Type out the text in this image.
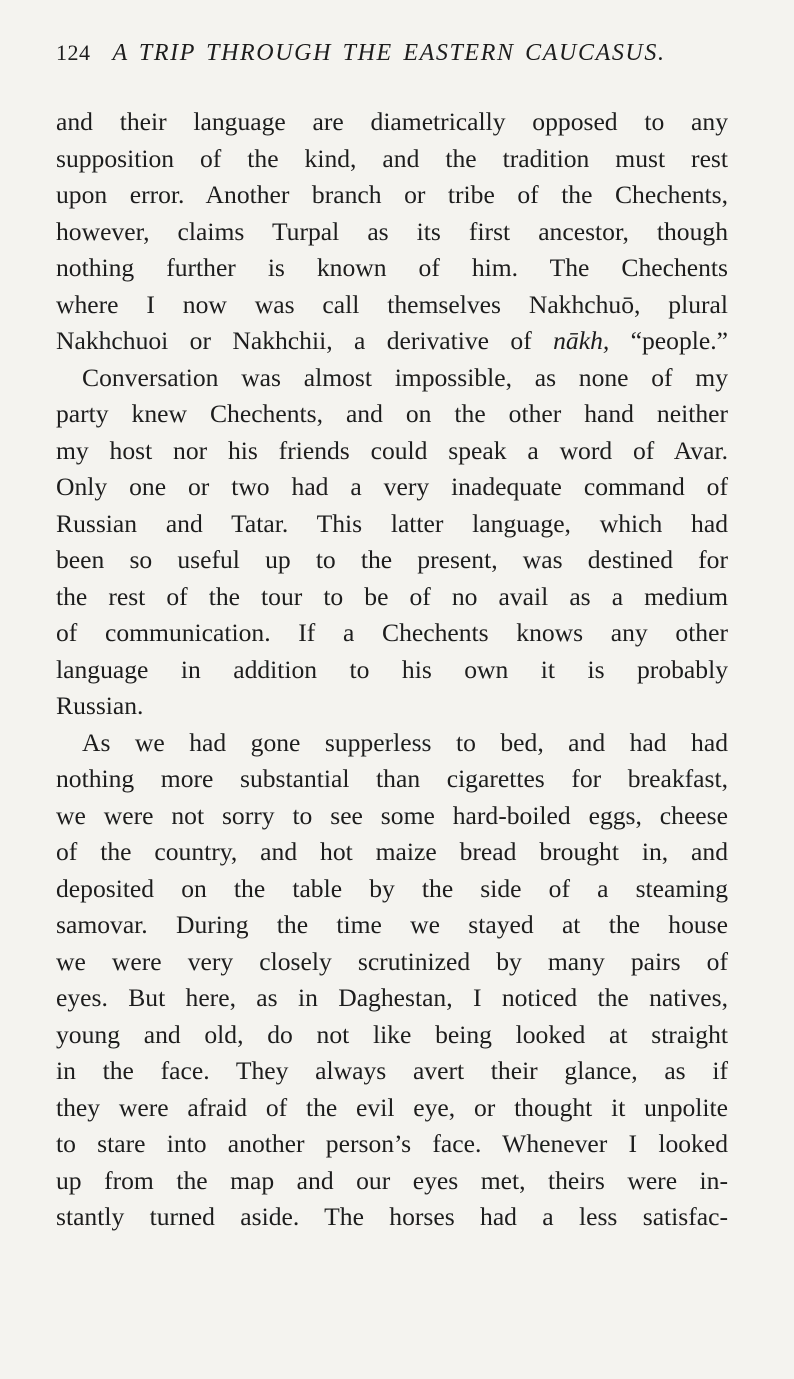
124 A TRIP THROUGH THE EASTERN CAUCASUS.

and their language are diametrically opposed to any
supposition of the kind, and the tradition must rest
upon error. Another branch or tribe of the Chechents,
however, claims Turpal as its first ancestor, though
nothing further is known of him. The Chechents
where I now was call themselves Nakhchuō, plural
Nakhchuoi or Nakhchii, a derivative of nākh, “people.”

Conversation was almost impossible, as none of my
party knew Chechents, and on the other hand neither
my host nor his friends could speak a word of Avar.
Only one or two had a very inadequate command of
Russian and Tatar. This latter language, which had
been so useful up to the present, was destined for
the rest of the tour to be of no avail as a medium
of communication. If a Chechents knows any other
language in addition to his own it is probably
Russian.

As we had gone supperless to bed, and had had
nothing more substantial than cigarettes for breakfast,
we were not sorry to see some hard-boiled eggs, cheese
of the country, and hot maize bread brought in, and
deposited on the table by the side of a steaming
samovar. During the time we stayed at the house
we were very closely scrutinized by many pairs of
eyes. But here, as in Daghestan, I noticed the natives,
young and old, do not like being looked at straight
in the face. They always avert their glance, as if
they were afraid of the evil eye, or thought it unpolite
to stare into another person’s face. Whenever I looked
up from the map and our eyes met, theirs were in-
stantly turned aside. The horses had a less satisfac-
